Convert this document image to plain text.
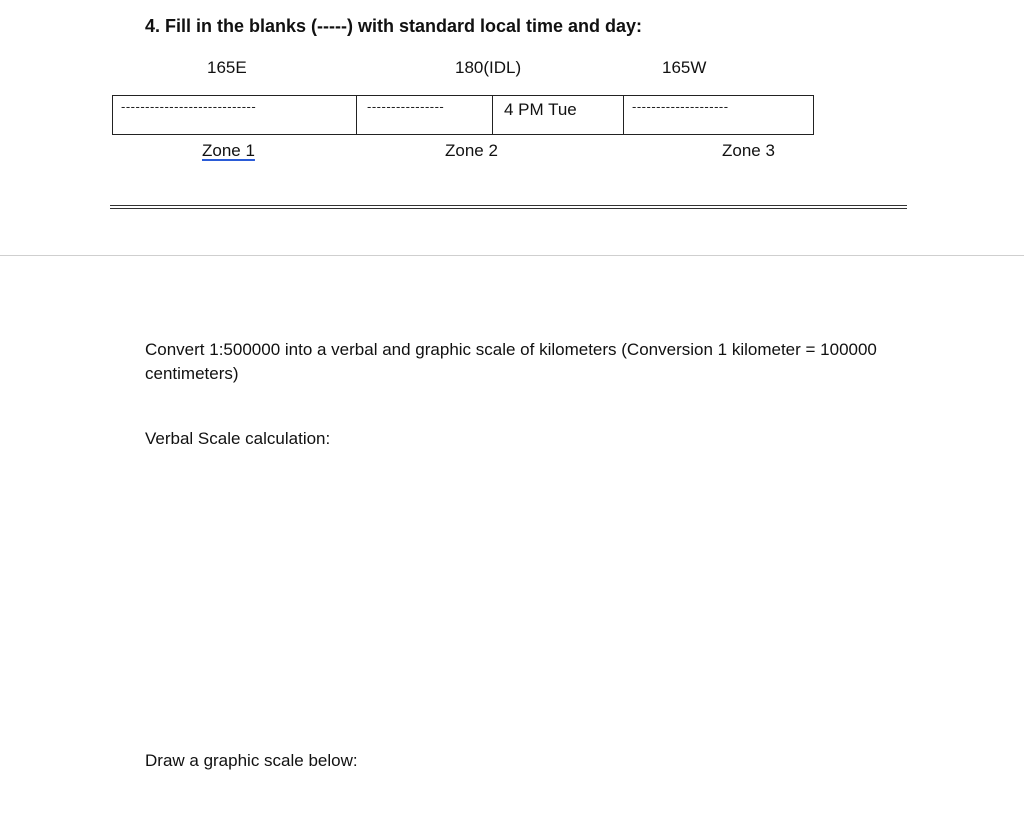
4. Fill in the blanks (-----) with standard local time and day:
165E	180(IDL)	165W
----------------------------	----------------	4 PM Tue	--------------------
Zone 1	Zone 2	Zone 3
Convert 1:500000 into a verbal and graphic scale of kilometers (Conversion 1 kilometer = 100000 centimeters)
Verbal Scale calculation:
Draw a graphic scale below:
